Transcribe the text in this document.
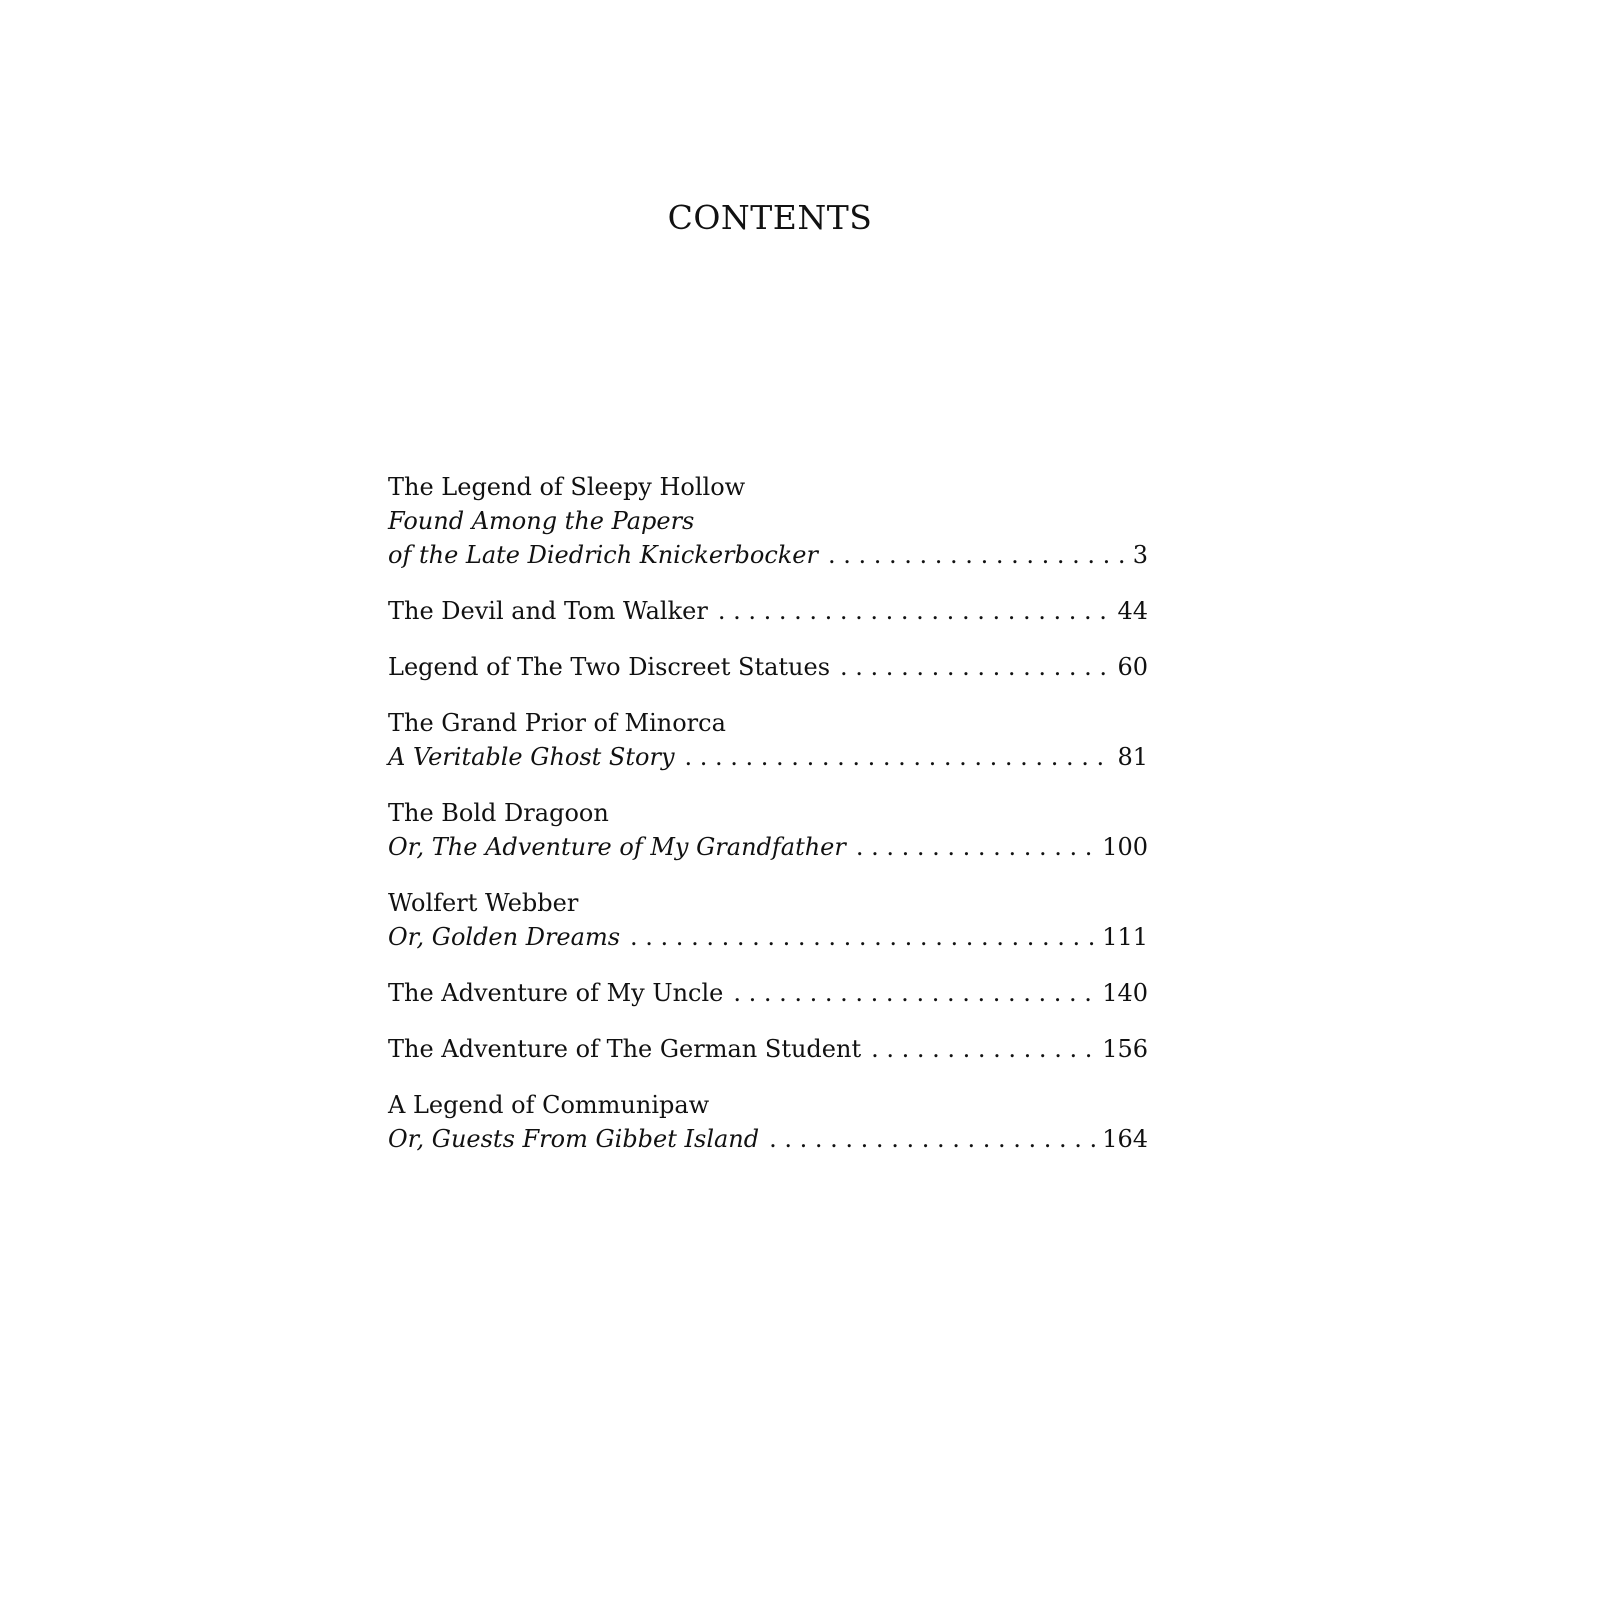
CONTENTS
The Legend of Sleepy Hollow
Found Among the Papers
of the Late Diedrich Knickerbocker . . .	3
The Devil and Tom Walker . . .	44
Legend of The Two Discreet Statues . . .	60
The Grand Prior of Minorca
A Veritable Ghost Story . . .	81
The Bold Dragoon
Or, The Adventure of My Grandfather . . .	100
Wolfert Webber
Or, Golden Dreams . . .	111
The Adventure of My Uncle . . .	140
The Adventure of The German Student . . .	156
A Legend of Communipaw
Or, Guests From Gibbet Island . . .	164
